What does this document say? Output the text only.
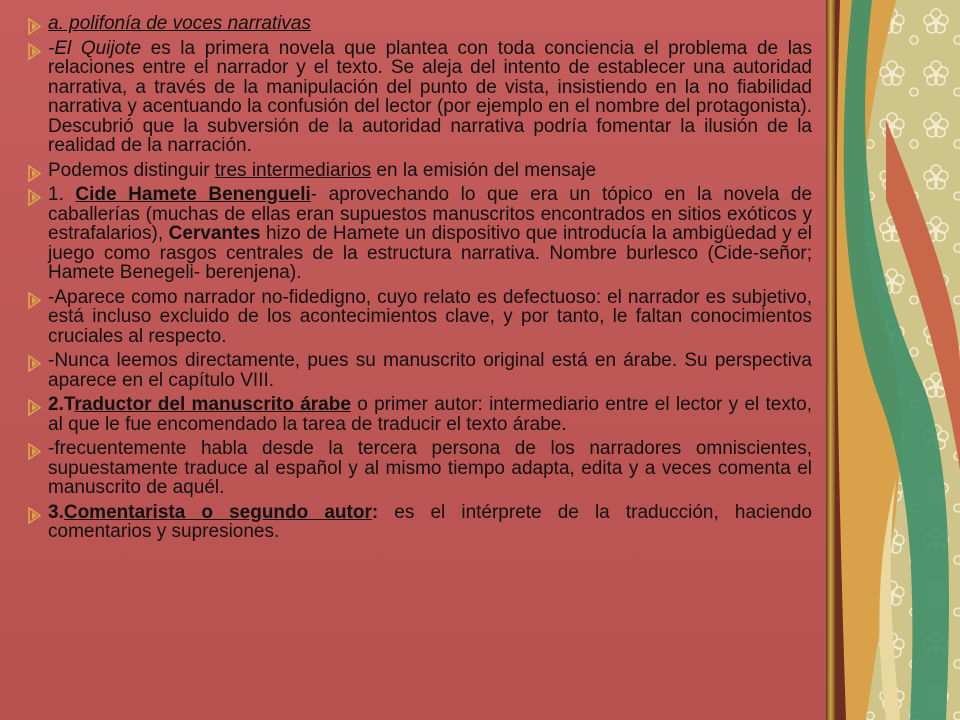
a. polifonía de voces narrativas

-El Quijote es la primera novela que plantea con toda conciencia el problema de las relaciones entre el narrador y el texto. Se aleja del intento de establecer una autoridad narrativa, a través de la manipulación del punto de vista, insistiendo en la no fiabilidad narrativa y acentuando la confusión del lector (por ejemplo en el nombre del protagonista). Descubrió que la subversión de la autoridad narrativa podría fomentar la ilusión de la realidad de la narración.

Podemos distinguir tres intermediarios en la emisión del mensaje

1. Cide Hamete Benengueli- aprovechando lo que era un tópico en la novela de caballerías (muchas de ellas eran supuestos manuscritos encontrados en sitios exóticos y estrafalarios), Cervantes hizo de Hamete un dispositivo que introducía la ambigüedad y el juego como rasgos centrales de la estructura narrativa. Nombre burlesco (Cide-señor; Hamete Benegeli- berenjena).

-Aparece como narrador no-fidedigno, cuyo relato es defectuoso: el narrador es subjetivo, está incluso excluido de los acontecimientos clave, y por tanto, le faltan conocimientos cruciales al respecto.

-Nunca leemos directamente, pues su manuscrito original está en árabe. Su perspectiva aparece en el capítulo VIII.

2.Traductor del manuscrito árabe o primer autor: intermediario entre el lector y el texto, al que le fue encomendado la tarea de traducir el texto árabe.

-frecuentemente habla desde la tercera persona de los narradores omniscientes, supuestamente traduce al español y al mismo tiempo adapta, edita y a veces comenta el manuscrito de aquél.

3.Comentarista o segundo autor: es el intérprete de la traducción, haciendo comentarios y supresiones.
